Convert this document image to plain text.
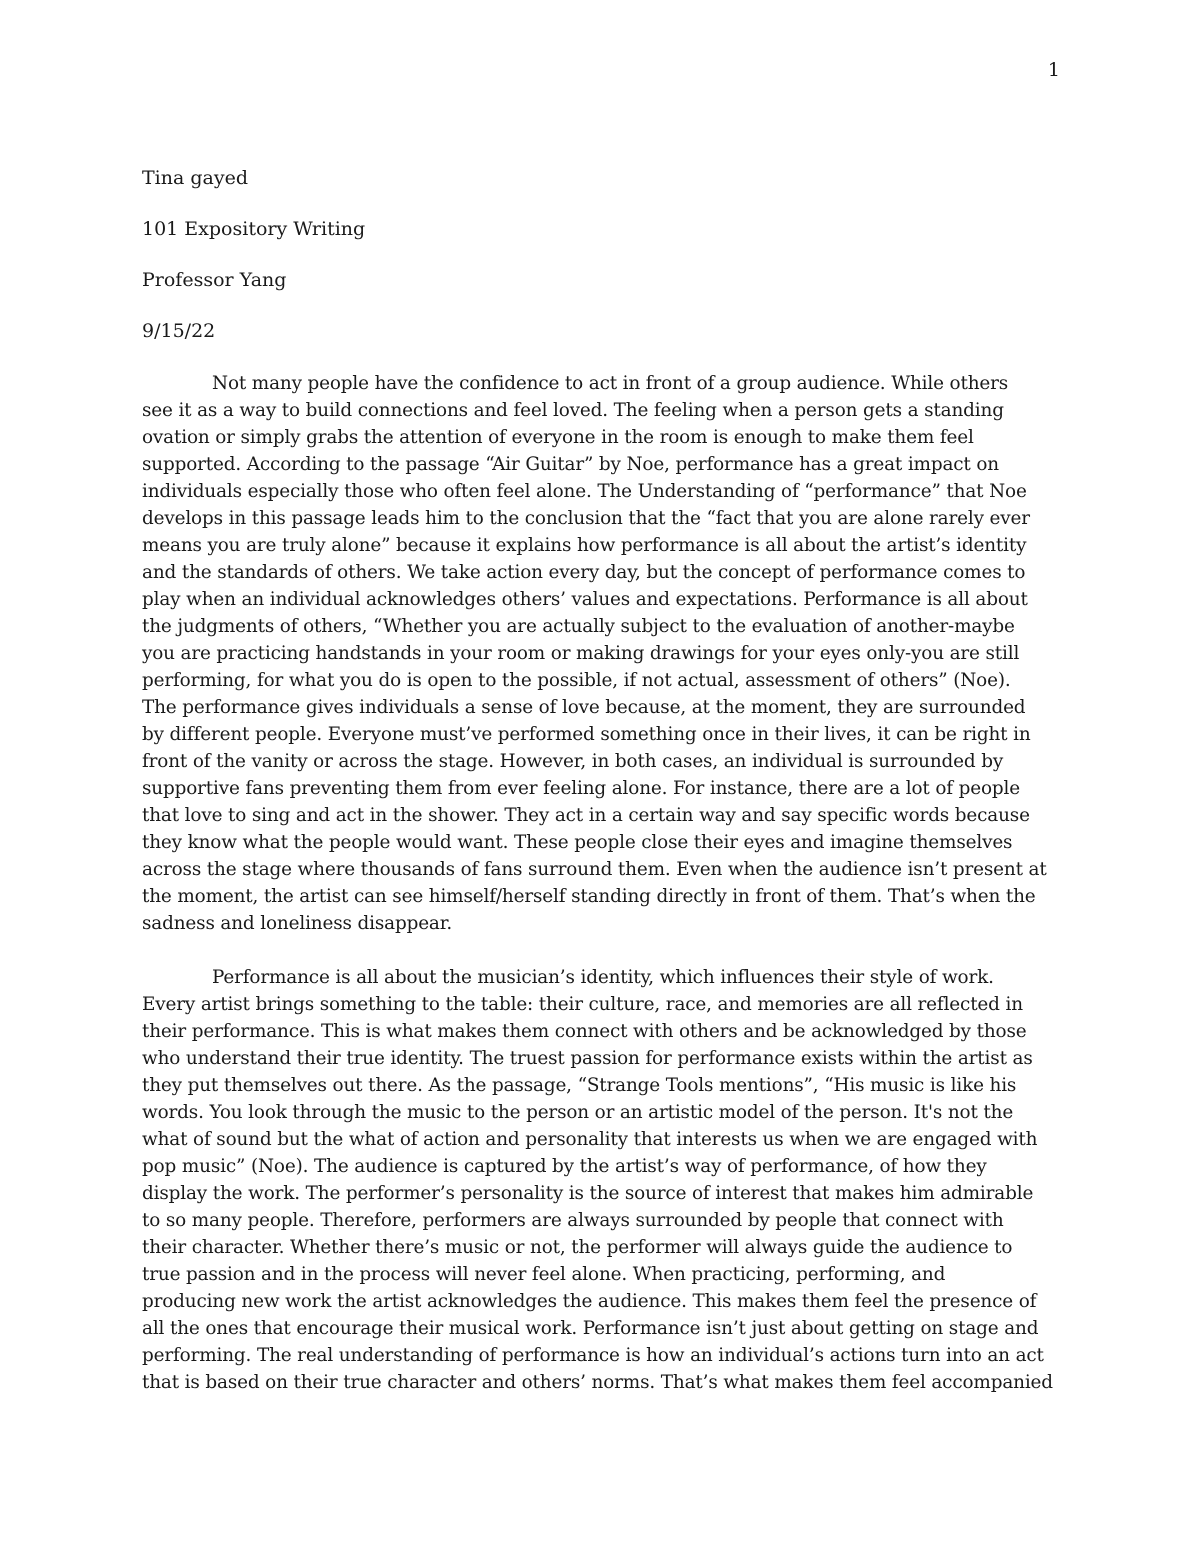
1
Tina gayed
101 Expository Writing
Professor Yang
9/15/22
Not many people have the confidence to act in front of a group audience. While others
see it as a way to build connections and feel loved. The feeling when a person gets a standing
ovation or simply grabs the attention of everyone in the room is enough to make them feel
supported. According to the passage “Air Guitar” by Noe, performance has a great impact on
individuals especially those who often feel alone. The Understanding of “performance” that Noe
develops in this passage leads him to the conclusion that the “fact that you are alone rarely ever
means you are truly alone” because it explains how performance is all about the artist’s identity
and the standards of others. We take action every day, but the concept of performance comes to
play when an individual acknowledges others’ values and expectations. Performance is all about
the judgments of others, “Whether you are actually subject to the evaluation of another-maybe
you are practicing handstands in your room or making drawings for your eyes only-you are still
performing, for what you do is open to the possible, if not actual, assessment of others” (Noe).
The performance gives individuals a sense of love because, at the moment, they are surrounded
by different people. Everyone must’ve performed something once in their lives, it can be right in
front of the vanity or across the stage. However, in both cases, an individual is surrounded by
supportive fans preventing them from ever feeling alone. For instance, there are a lot of people
that love to sing and act in the shower. They act in a certain way and say specific words because
they know what the people would want. These people close their eyes and imagine themselves
across the stage where thousands of fans surround them. Even when the audience isn’t present at
the moment, the artist can see himself/herself standing directly in front of them. That’s when the
sadness and loneliness disappear.
Performance is all about the musician’s identity, which influences their style of work.
Every artist brings something to the table: their culture, race, and memories are all reflected in
their performance. This is what makes them connect with others and be acknowledged by those
who understand their true identity. The truest passion for performance exists within the artist as
they put themselves out there. As the passage, “Strange Tools mentions”, “His music is like his
words. You look through the music to the person or an artistic model of the person. It's not the
what of sound but the what of action and personality that interests us when we are engaged with
pop music” (Noe). The audience is captured by the artist’s way of performance, of how they
display the work. The performer’s personality is the source of interest that makes him admirable
to so many people. Therefore, performers are always surrounded by people that connect with
their character. Whether there’s music or not, the performer will always guide the audience to
true passion and in the process will never feel alone. When practicing, performing, and
producing new work the artist acknowledges the audience. This makes them feel the presence of
all the ones that encourage their musical work. Performance isn’t just about getting on stage and
performing. The real understanding of performance is how an individual’s actions turn into an act
that is based on their true character and others’ norms. That’s what makes them feel accompanied
